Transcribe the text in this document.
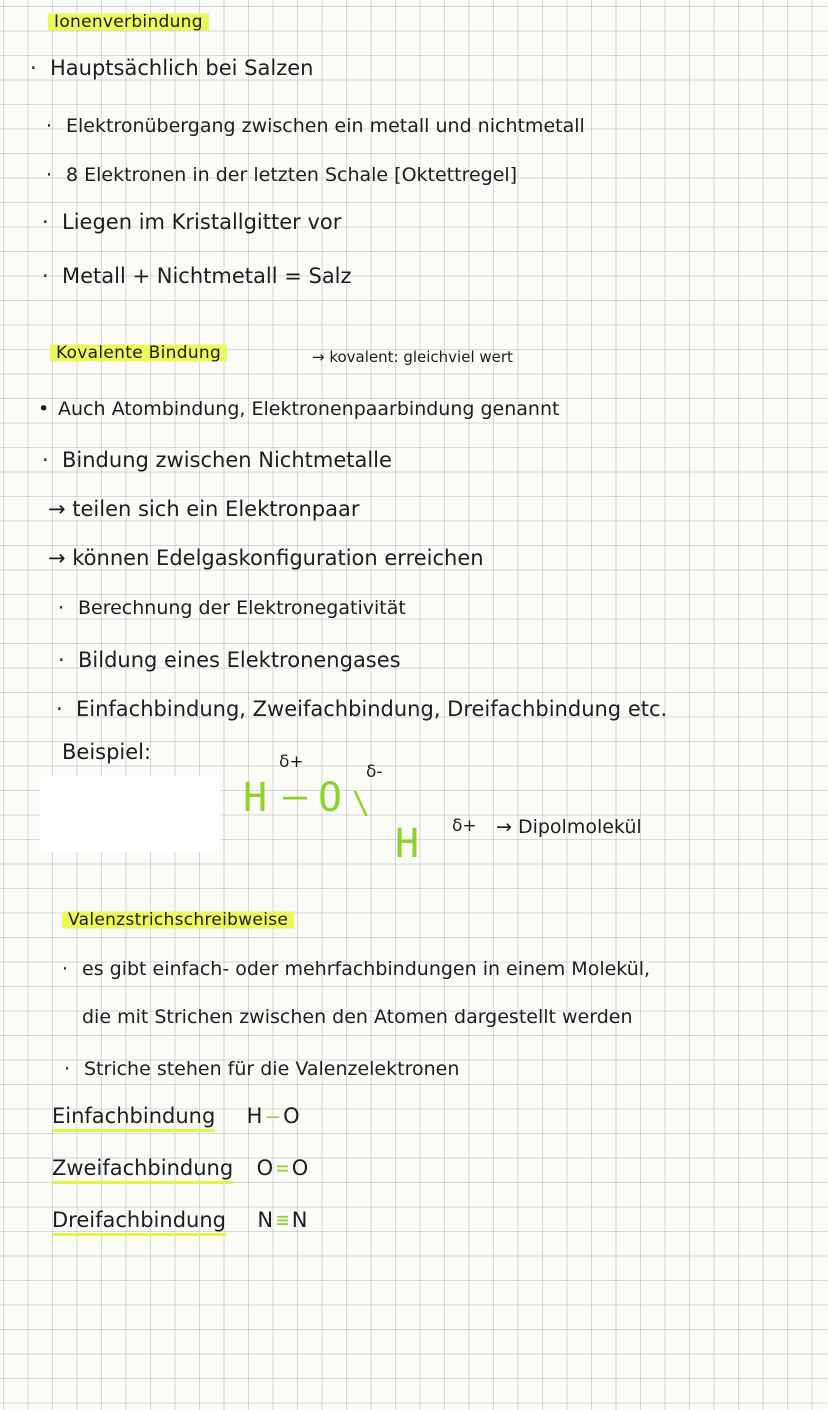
Ionenverbindung
· Hauptsächlich bei Salzen
· Elektronübergang zwischen ein metall und nichtmetall
· 8 Elektronen in der letzten Schale [Oktettregel]
· Liegen im Kristallgitter vor
· Metall + Nichtmetall = Salz
Kovalente Bindung	→ kovalent: gleichviel wert
• Auch Atombindung, Elektronenpaarbindung genannt
· Bindung zwischen Nichtmetalle
→ teilen sich ein Elektronpaar
→ können Edelgaskonfiguration erreichen
· Berechnung der Elektronegativität
· Bildung eines Elektronengases
· Einfachbindung, Zweifachbindung, Dreifachbindung etc.
Beispiel:	δ+	δ-
H – O \
H δ+ → Dipolmolekül
Valenzstrichschreibweise
· es gibt einfach- oder mehrfachbindungen in einem Molekül,
die mit Strichen zwischen den Atomen dargestellt werden
· Striche stehen für die Valenzelektronen
Einfachbindung H – O
Zweifachbindung O = O
Dreifachbindung N ≡ N
